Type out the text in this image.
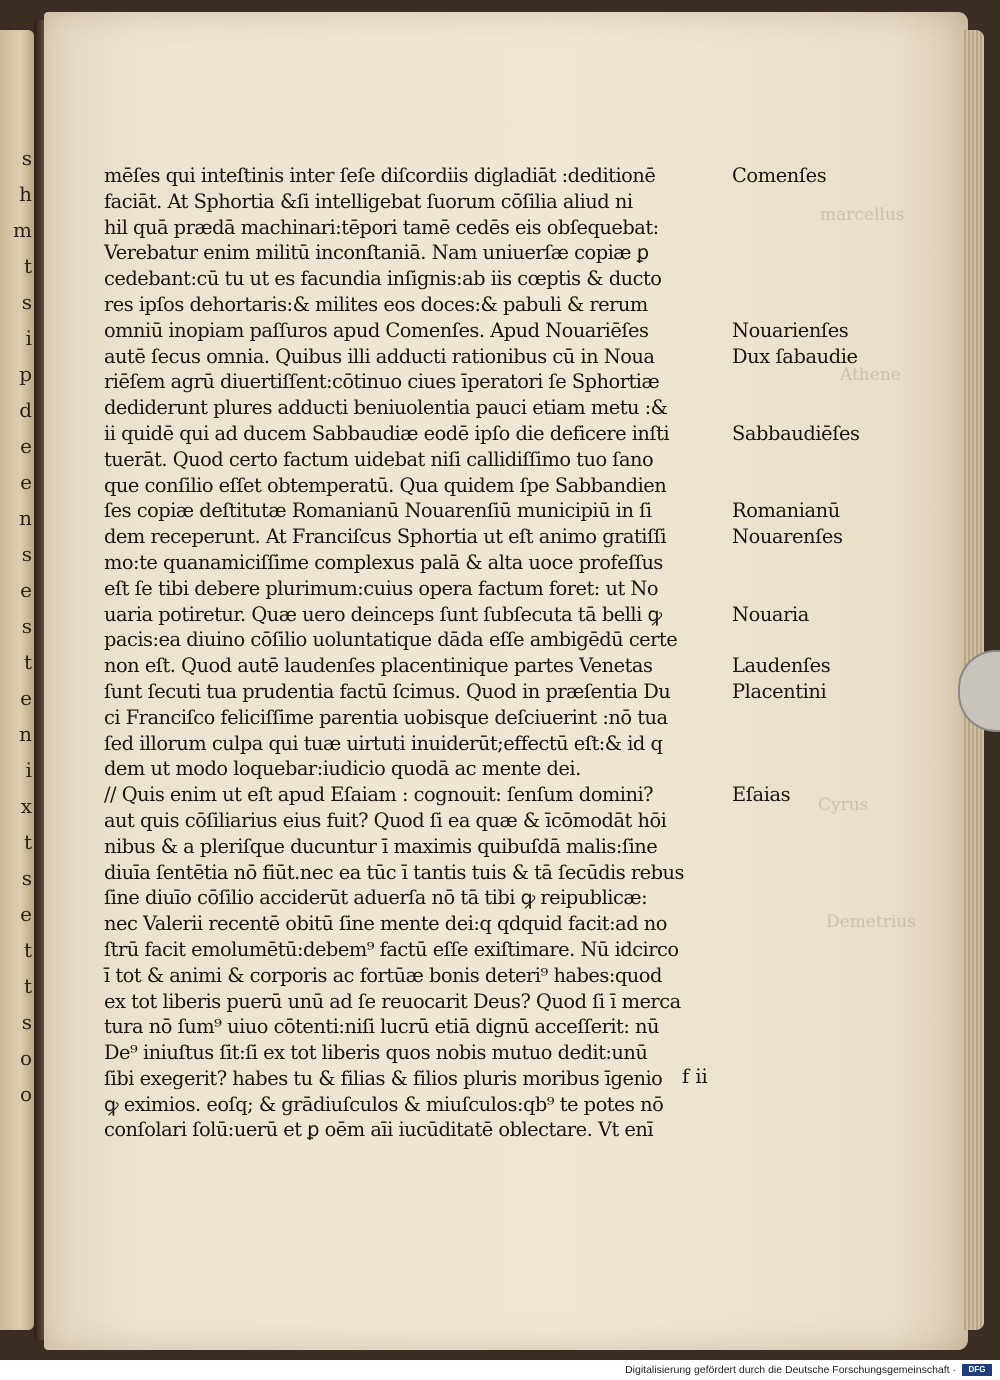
s
h
m
t
s
i
p
d
e
e
n
s
e
s
t
e
n
i
x
t
s
e
t
t
s
o
o
marcellus
Athene
Cyrus
Demetrius
mēſes qui inteſtinis inter ſeſe diſcordiis digladiāt :deditionē
faciāt. At Sphortia &ſi intelligebat ſuorum cōſilia aliud ni
hil quā prædā machinari:tēpori tamē cedēs eis obſequebat:
Verebatur enim militū inconſtaniā. Nam uniuerſæ copiæ ꝑ
cedebant:cū tu ut es facundia inſignis:ab iis cœptis & ducto
res ipſos dehortaris:& milites eos doces:& pabuli & rerum
omniū inopiam paſſuros apud Comenſes. Apud Nouariēſes
autē ſecus omnia. Quibus illi adducti rationibus cū in Noua
riēſem agrū diuertiſſent:cōtinuo ciues īperatori ſe Sphortiæ
dediderunt plures adducti beniuolentia pauci etiam metu :&
ii quidē qui ad ducem Sabbaudiæ eodē ipſo die deficere inſti
tuerāt. Quod certo factum uidebat niſi callidiſſimo tuo ſano
que conſilio eſſet obtemperatū. Qua quidem ſpe Sabbandien
ſes copiæ deſtitutæ Romanianū Nouarenſiū municipiū in ſi
dem receperunt. At Franciſcus Sphortia ut eſt animo gratiſſi
mo:te quanamiciſſime complexus palā & alta uoce profeſſus
eſt ſe tibi debere plurimum:cuius opera factum foret: ut No
uaria potiretur. Quæ uero deinceps ſunt ſubſecuta tā belli ꝙ
pacis:ea diuino cōſilio uoluntatique dāda eſſe ambigēdū certe
non eſt. Quod autē laudenſes placentinique partes Venetas
ſunt ſecuti tua prudentia factū ſcimus. Quod in præſentia Du
ci Franciſco feliciſſime parentia uobisque deſciuerint :nō tua
ſed illorum culpa qui tuæ uirtuti inuiderūt;effectū eſt:& id q
dem ut modo loquebar:iudicio quodā ac mente dei.
// Quis enim ut eſt apud Eſaiam : cognouit: ſenſum domini?
aut quis cōſiliarius eius fuit? Quod ſi ea quæ & īcōmodāt hōi
nibus & a pleriſque ducuntur ī maximis quibuſdā malis:ſine
diuīa ſentētia nō fiūt.nec ea tūc ī tantis tuis & tā ſecūdis rebus
ſine diuīo cōſilio acciderūt aduerſa nō tā tibi ꝙ reipublicæ:
nec Valerii recentē obitū ſine mente dei:q qdquid facit:ad no
ſtrū facit emolumētū:debem⁹ factū eſſe exiſtimare. Nū idcirco
ī tot & animi & corporis ac fortūæ bonis deteri⁹ habes:quod
ex tot liberis puerū unū ad ſe reuocarit Deus? Quod ſi ī merca
tura nō ſum⁹ uiuo cōtenti:niſi lucrū etiā dignū acceſſerit: nū
De⁹ iniuſtus ſit:ſi ex tot liberis quos nobis mutuo dedit:unū
ſibi exegerit? habes tu & filias & filios pluris moribus īgenio
ꝙ eximios. eoſq; & grādiuſculos & miuſculos:qb⁹ te potes nō
conſolari ſolū:uerū et ꝑ oēm aīi iucūditatē oblectare. Vt enī
Comenſes
Nouarienſes
Dux ſabaudie
Sabbaudiēſes
Romanianū
Nouarenſes
Nouaria
Laudenſes
Placentini
Eſaias
f ii
Digitalisierung gefördert durch die Deutsche Forschungsgemeinschaft ·	DFG
